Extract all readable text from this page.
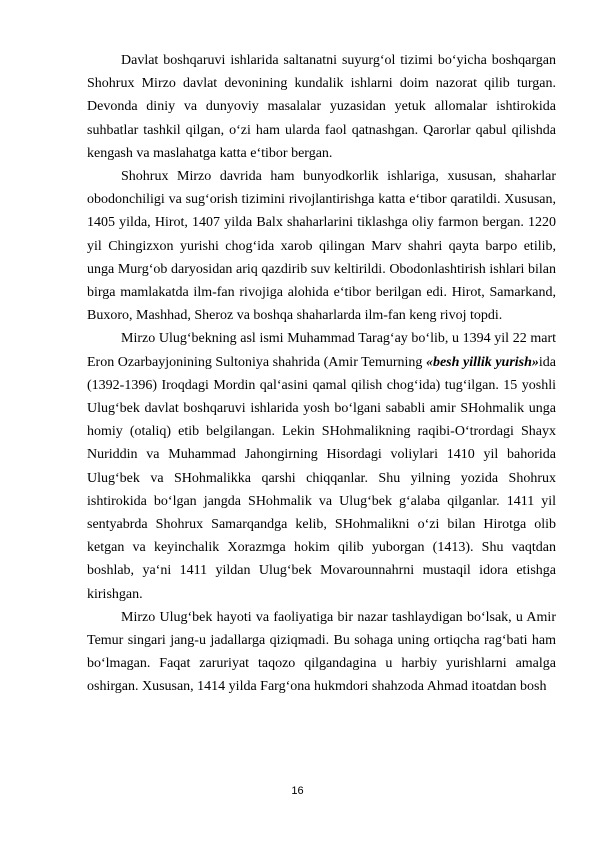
Davlat boshqaruvi ishlarida saltanatni suyurg‘ol tizimi bo‘yicha boshqargan Shohrux Mirzo davlat devonining kundalik ishlarni doim nazorat qilib turgan. Devonda diniy va dunyoviy masalalar yuzasidan yetuk allomalar ishtirokida suhbatlar tashkil qilgan, o‘zi ham ularda faol qatnashgan. Qarorlar qabul qilishda kengash va maslahatga katta e‘tibor bergan.

Shohrux Mirzo davrida ham bunyodkorlik ishlariga, xususan, shaharlar obodonchiligi va sug‘orish tizimini rivojlantirishga katta e‘tibor qaratildi. Xususan, 1405 yilda, Hirot, 1407 yilda Balx shaharlarini tiklashga oliy farmon bergan. 1220 yil Chingizxon yurishi chog‘ida xarob qilingan Marv shahri qayta barpo etilib, unga Murg‘ob daryosidan ariq qazdirib suv keltirildi. Obodonlashtirish ishlari bilan birga mamlakatda ilm-fan rivojiga alohida e‘tibor berilgan edi. Hirot, Samarkand, Buxoro, Mashhad, Sheroz va boshqa shaharlarda ilm-fan keng rivoj topdi.

Mirzo Ulug‘bekning asl ismi Muhammad Tarag‘ay bo‘lib, u 1394 yil 22 mart Eron Ozarbayjonining Sultoniya shahrida (Amir Temurning «besh yillik yurish»ida (1392-1396) Iroqdagi Mordin qal‘asini qamal qilish chog‘ida) tug‘ilgan. 15 yoshli Ulug‘bek davlat boshqaruvi ishlarida yosh bo‘lgani sababli amir SHohmalik unga homiy (otaliq) etib belgilangan. Lekin SHohmalikning raqibi-O‘trordagi Shayx Nuriddin va Muhammad Jahongirning Hisordagi voliylari 1410 yil bahorida Ulug‘bek va SHohmalikka qarshi chiqqanlar. Shu yilning yozida Shohrux ishtirokida bo‘lgan jangda SHohmalik va Ulug‘bek g‘alaba qilganlar. 1411 yil sentyabrda Shohrux Samarqandga kelib, SHohmalikni o‘zi bilan Hirotga olib ketgan va keyinchalik Xorazmga hokim qilib yuborgan (1413). Shu vaqtdan boshlab, ya‘ni 1411 yildan Ulug‘bek Movarounnahrni mustaqil idora etishga kirishgan.

Mirzo Ulug‘bek hayoti va faoliyatiga bir nazar tashlaydigan bo‘lsak, u Amir Temur singari jang-u jadallarga qiziqmadi. Bu sohaga uning ortiqcha rag‘bati ham bo‘lmagan. Faqat zaruriyat taqozo qilgandagina u harbiy yurishlarni amalga oshirgan. Xususan, 1414 yilda Farg‘ona hukmdori shahzoda Ahmad itoatdan bosh

16
